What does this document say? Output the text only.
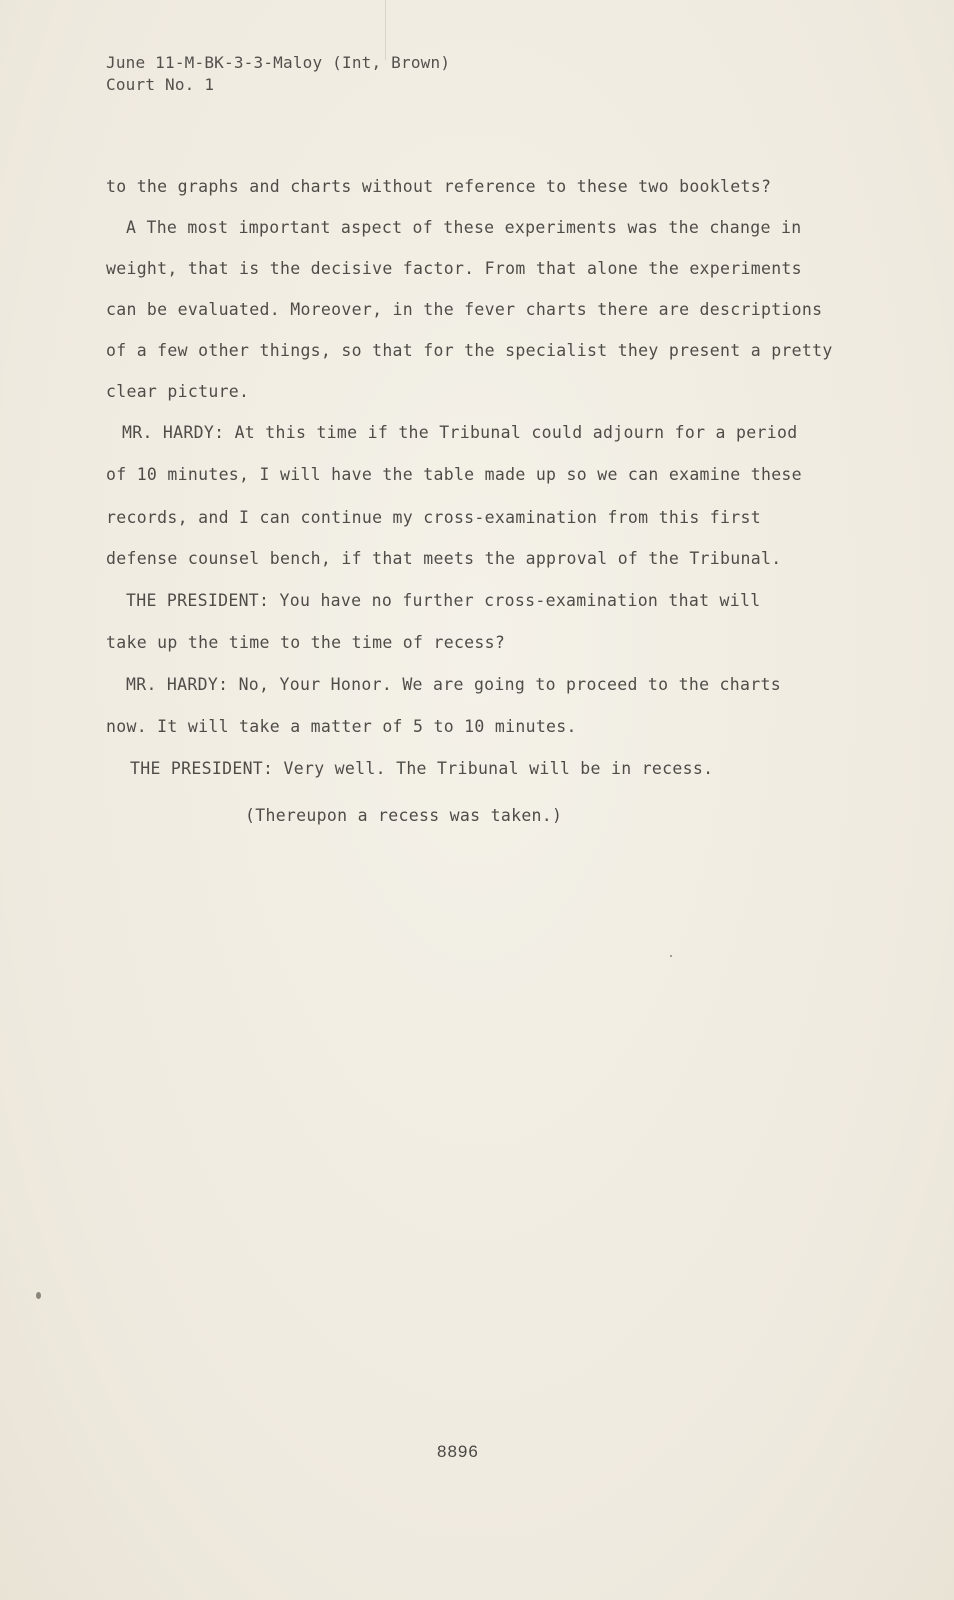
June 11-M-BK-3-3-Maloy (Int, Brown)
Court No. 1
to the graphs and charts without reference to these two booklets?
A The most important aspect of these experiments was the change in
weight, that is the decisive factor. From that alone the experiments
can be evaluated. Moreover, in the fever charts there are descriptions
of a few other things, so that for the specialist they present a pretty
clear picture.
MR. HARDY: At this time if the Tribunal could adjourn for a period
of 10 minutes, I will have the table made up so we can examine these
records, and I can continue my cross-examination from this first
defense counsel bench, if that meets the approval of the Tribunal.
THE PRESIDENT: You have no further cross-examination that will
take up the time to the time of recess?
MR. HARDY: No, Your Honor. We are going to proceed to the charts
now. It will take a matter of 5 to 10 minutes.
THE PRESIDENT: Very well. The Tribunal will be in recess.
(Thereupon a recess was taken.)
8896
